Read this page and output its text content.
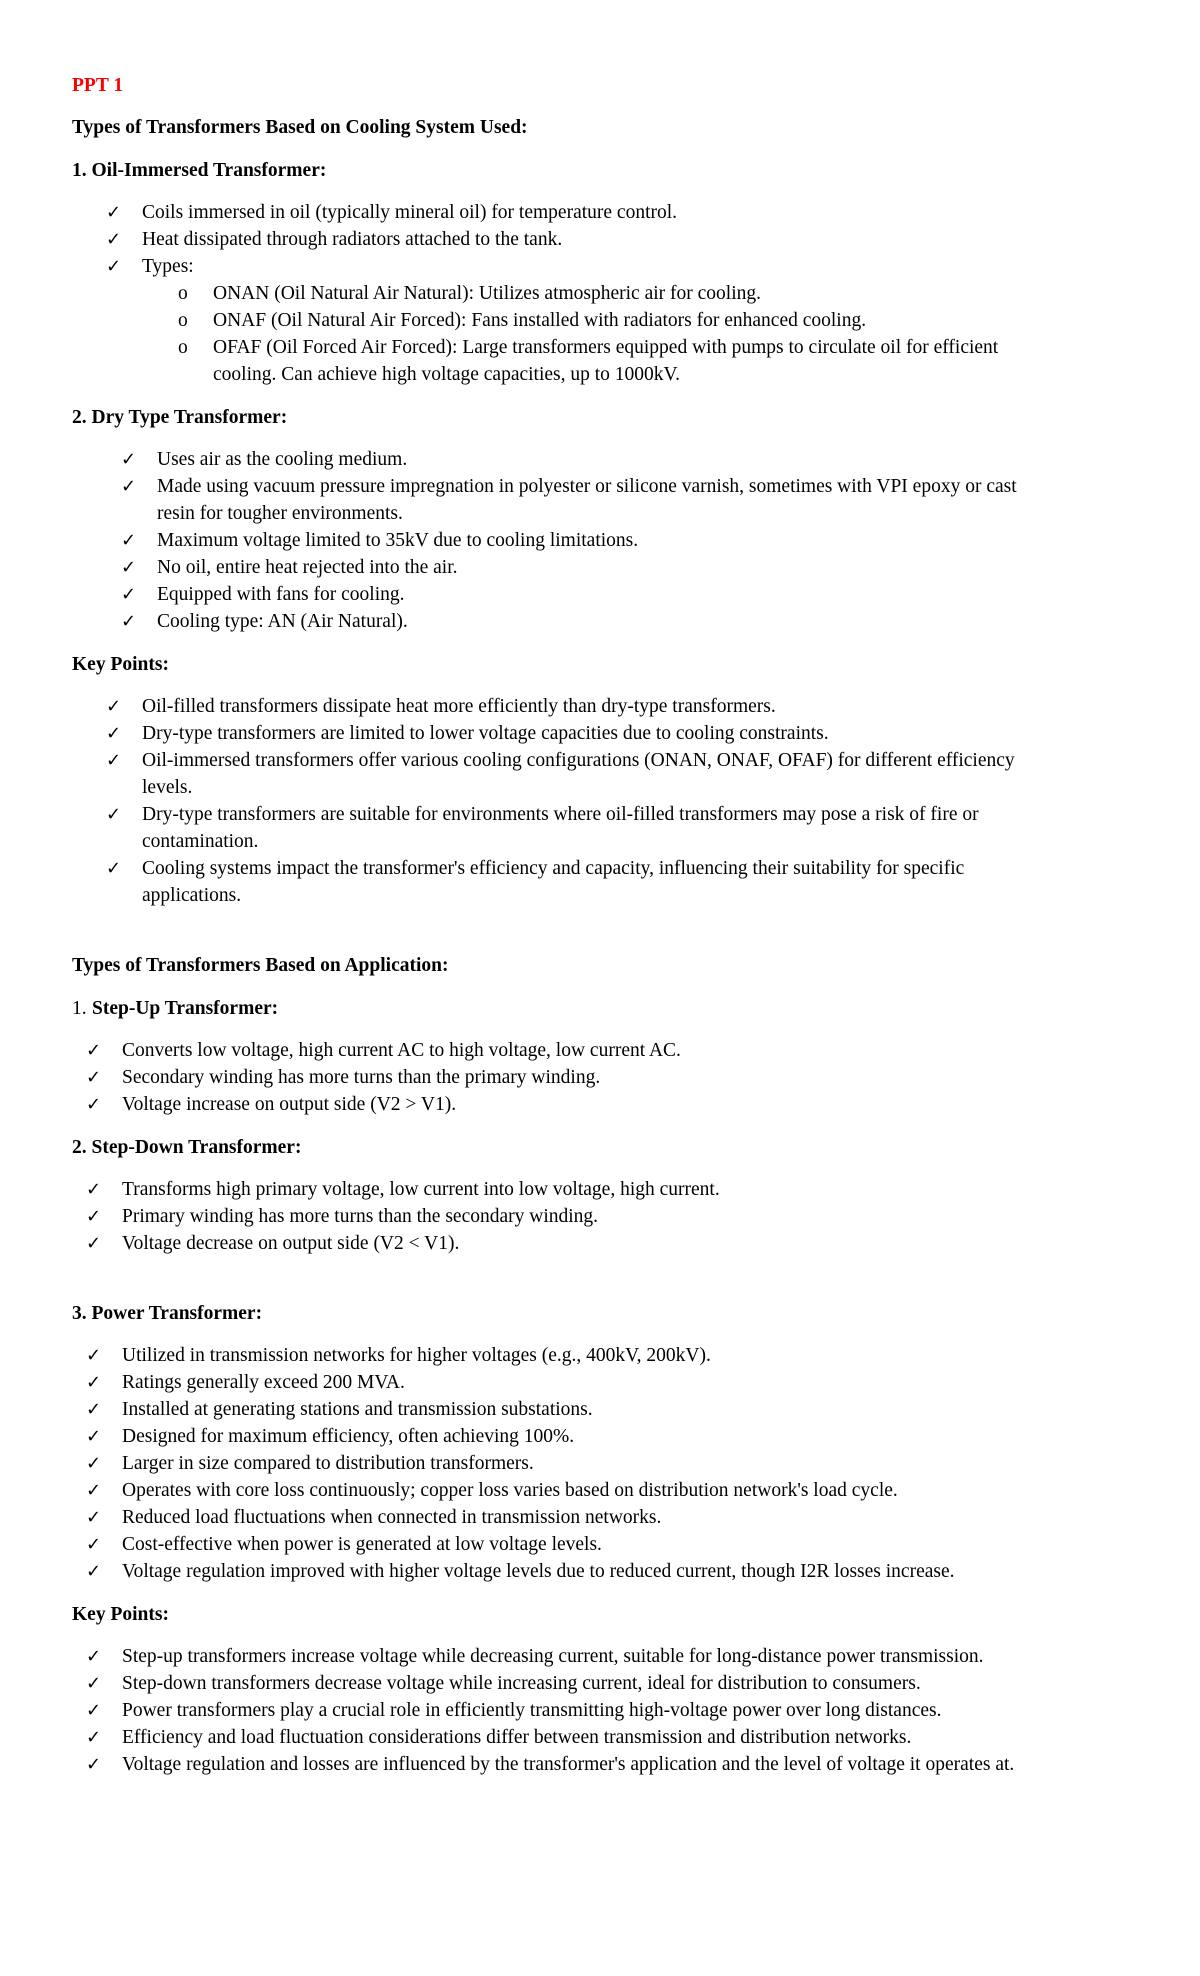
PPT 1
Types of Transformers Based on Cooling System Used:
1. Oil-Immersed Transformer:
✓ Coils immersed in oil (typically mineral oil) for temperature control.
✓ Heat dissipated through radiators attached to the tank.
✓ Types:
o ONAN (Oil Natural Air Natural): Utilizes atmospheric air for cooling.
o ONAF (Oil Natural Air Forced): Fans installed with radiators for enhanced cooling.
o OFAF (Oil Forced Air Forced): Large transformers equipped with pumps to circulate oil for efficient
cooling. Can achieve high voltage capacities, up to 1000kV.
2. Dry Type Transformer:
✓ Uses air as the cooling medium.
✓ Made using vacuum pressure impregnation in polyester or silicone varnish, sometimes with VPI epoxy or cast
resin for tougher environments.
✓ Maximum voltage limited to 35kV due to cooling limitations.
✓ No oil, entire heat rejected into the air.
✓ Equipped with fans for cooling.
✓ Cooling type: AN (Air Natural).
Key Points:
✓ Oil-filled transformers dissipate heat more efficiently than dry-type transformers.
✓ Dry-type transformers are limited to lower voltage capacities due to cooling constraints.
✓ Oil-immersed transformers offer various cooling configurations (ONAN, ONAF, OFAF) for different efficiency
levels.
✓ Dry-type transformers are suitable for environments where oil-filled transformers may pose a risk of fire or
contamination.
✓ Cooling systems impact the transformer's efficiency and capacity, influencing their suitability for specific
applications.
Types of Transformers Based on Application:
1. Step-Up Transformer:
✓ Converts low voltage, high current AC to high voltage, low current AC.
✓ Secondary winding has more turns than the primary winding.
✓ Voltage increase on output side (V2 > V1).
2. Step-Down Transformer:
✓ Transforms high primary voltage, low current into low voltage, high current.
✓ Primary winding has more turns than the secondary winding.
✓ Voltage decrease on output side (V2 < V1).
3. Power Transformer:
✓ Utilized in transmission networks for higher voltages (e.g., 400kV, 200kV).
✓ Ratings generally exceed 200 MVA.
✓ Installed at generating stations and transmission substations.
✓ Designed for maximum efficiency, often achieving 100%.
✓ Larger in size compared to distribution transformers.
✓ Operates with core loss continuously; copper loss varies based on distribution network's load cycle.
✓ Reduced load fluctuations when connected in transmission networks.
✓ Cost-effective when power is generated at low voltage levels.
✓ Voltage regulation improved with higher voltage levels due to reduced current, though I2R losses increase.
Key Points:
✓ Step-up transformers increase voltage while decreasing current, suitable for long-distance power transmission.
✓ Step-down transformers decrease voltage while increasing current, ideal for distribution to consumers.
✓ Power transformers play a crucial role in efficiently transmitting high-voltage power over long distances.
✓ Efficiency and load fluctuation considerations differ between transmission and distribution networks.
✓ Voltage regulation and losses are influenced by the transformer's application and the level of voltage it operates at.
